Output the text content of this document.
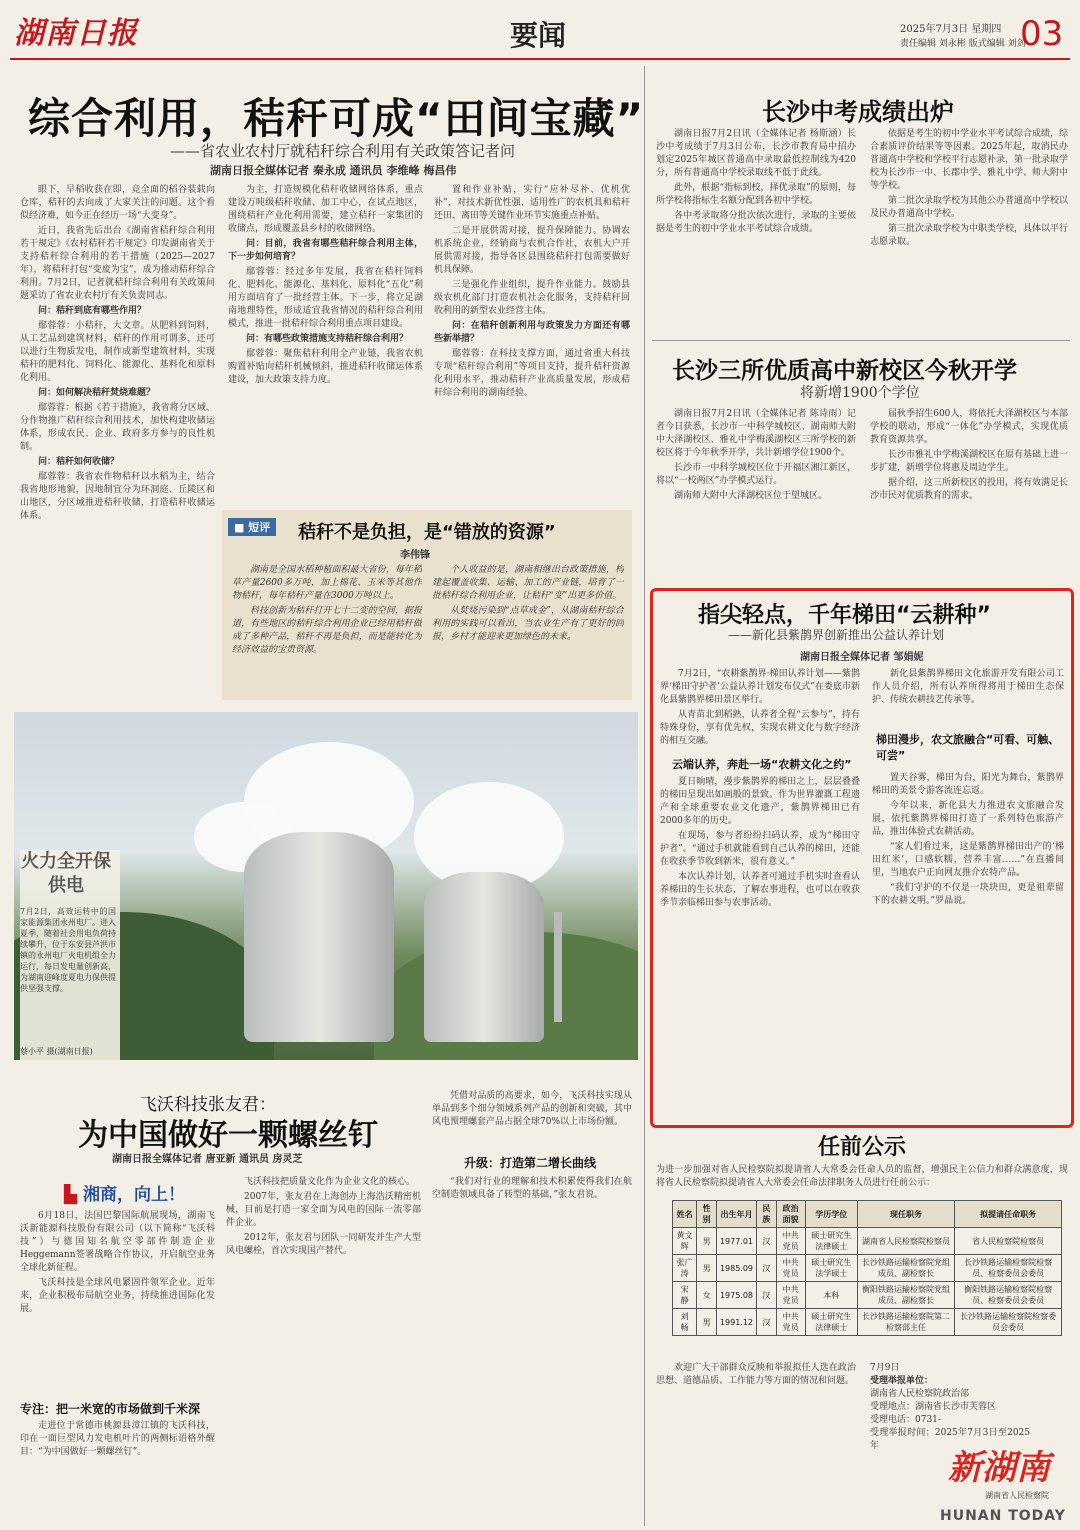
湖南日报	要闻	2025年7月3日 星期四
责任编辑 刘永彬 版式编辑 刘剑
03
综合利用，秸秆可成“田间宝藏”
——省农业农村厅就秸秆综合利用有关政策答记者问
湖南日报全媒体记者 秦永成 通讯员 李维峰 梅昌伟

眼下，早稻收获在即，竞全面的稻谷装载向仓库，秸秆的去向成了大家关注的问题。这个看似经济难，如今正在经历一场“大变身”。

近日，我省先后出台《湖南省秸秆综合利用若干规定》《农村秸秆若干规定》印发湖南省关于支持秸秆综合利用的若干措施（2025—2027年），将秸秆打包“变废为宝”，成为推动秸秆综合利用。7月2日，记者就秸秆综合利用有关政策问题采访了省农业农村厅有关负责同志。

问：秸秆到底有哪些作用？

鄢蓉蓉：小秸秆，大文章。从肥料到饲料，从工艺品到建筑材料，秸秆的作用可谓多，还可以进行生物质发电，制作成新型建筑材料，实现秸秆的肥料化、饲料化、能源化、基料化和原料化利用。

问：如何解决秸秆焚烧难题？

鄢蓉蓉：根据《若干措施》，我省将分区域、分作物推广秸秆综合利用技术，加快构建收储运体系，形成农民、企业、政府多方参与的良性机制。

问：秸秆如何收储？

鄢蓉蓉：我省农作物秸秆以水稻为主，结合我省地形地貌，因地制宜分为环洞庭、丘陵区和山地区，分区域推进秸秆收储，打造秸秆收储运体系。

为主，打造规模化秸秆收储网络体系，重点建设万吨级秸秆收储、加工中心，在试点地区，围绕秸秆产业化利用需要，建立秸秆一家集团的收储点，形成覆盖县乡村的收储网络。

问：目前，我省有哪些秸秆综合利用主体，下一步如何培育？

鄢蓉蓉：经过多年发展，我省在秸秆饲料化、肥料化、能源化、基料化、原料化“五化”利用方面培育了一批经营主体。下一步，将立足湖南地理特性，形成适宜我省情况的秸秆综合利用模式，推进一批秸秆综合利用重点项目建设。

问：有哪些政策措施支持秸秆综合利用？

鄢蓉蓉：聚焦秸秆利用全产业链，我省农机购置补贴向秸秆机械倾斜，推进秸秆收储运体系建设，加大政策支持力度。

置和作业补贴，实行“应补尽补、优机优补”，对技术新优性强、适用性广的农机具和秸秆还田、离田等关键作业环节实施重点补贴。

二是开展供需对接，提升保障能力。协调农机系统企业，经销商与农机合作社，农机大户开展供需对接，指导各区县围绕秸秆打包需要做好机具保障。

三是强化作业组织，提升作业能力。鼓励县级农机化部门打造农机社会化服务，支持秸秆回收利用的新型农业经营主体。

问：在秸秆创新利用与政策发力方面还有哪些新举措？

鄢蓉蓉：在科技支撑方面，通过省重大科技专项“秸秆综合利用”等项目支持，提升秸秆资源化利用水平，推动秸秆产业高质量发展，形成秸秆综合利用的湖南经验。

■ 短评	秸秆不是负担，是“错放的资源”
李伟锋

湖南是全国水稻种植面积最大省份，每年稻草产量2600多万吨，加上棉花、玉米等其他作物秸秆，每年秸秆产量在3000万吨以上。

科技创新为秸秆打开七十二变的空间，据报道，有些地区的秸秆综合利用企业已经用秸秆做成了多种产品，秸秆不再是负担，而是能转化为经济效益的宝贵资源。

个人收益的是，湖南相继出台政策措施，构建起覆盖收集、运输、加工的产业链，培育了一批秸秆综合利用企业，让秸秆“变”出更多价值。

从焚烧污染到“点草成金”，从湖南秸秆综合利用的实践可以看出，当农业生产有了更好的回报，乡村才能迎来更加绿色的未来。

火力全开保供电
7月2日，高效运转中的国家能源集团永州电厂。进入夏季，随着社会用电负荷持续攀升，位于东安县芦洪市镇的永州电厂火电机组全力运行，每日发电量创新高，为湖南迎峰度夏电力保供提供坚强支撑。
蔡小平 摄(湖南日报)
飞沃科技张友君：
为中国做好一颗螺丝钉
湖南日报全媒体记者 唐亚新 通讯员 房灵芝
▙ 湘商，向上！

6月18日，法国巴黎国际航展现场，湖南飞沃新能源科技股份有限公司（以下简称“飞沃科技”）与德国知名航空零部件制造企业Heggemann签署战略合作协议，开启航空业务全球化新征程。

飞沃科技是全球风电紧固件领军企业。近年来，企业积极布局航空业务，持续推进国际化发展。

专注：把一米宽的市场做到千米深

走进位于常德市桃源县漳江镇的飞沃科技，印在一面巨型风力发电机叶片的两侧标语格外醒目：“为中国做好一颗螺丝钉”。

飞沃科技把质量文化作为企业文化的核心。

2007年，张友君在上海创办上海浩沃精密机械，目前是打造一家全面为风电的国际一流零部件企业。

2012年，张友君与团队一同研发并生产大型风电螺栓，首次实现国产替代。

凭借对品质的高要求，如今，飞沃科技实现从单品到多个细分领域系列产品的创新和突破，其中风电预埋螺套产品占据全球70%以上市场份额。

升级：打造第二增长曲线

“我们对行业的理解和技术积累使得我们在航空制造领域具备了转型的基础，”张友君说。

长沙中考成绩出炉

湖南日报7月2日讯（全媒体记者 杨斯涵）长沙中考成绩于7月3日公布，长沙市教育局中招办划定2025年城区普通高中录取最低控制线为420分，所有普通高中学校录取线不低于此线。

此外，根据“指标到校，择优录取”的原则，每所学校将指标生名额分配到各初中学校。

各中考录取将分批次依次进行，录取的主要依据是考生的初中学业水平考试综合成绩。

依据是考生的初中学业水平考试综合成绩，综合素质评价结果等等因素。2025年起，取消民办普通高中学校和学校平行志愿补录，第一批录取学校为长沙市一中、长郡中学、雅礼中学、师大附中等学校。

第二批次录取学校为其他公办普通高中学校以及民办普通高中学校。

第三批次录取学校为中职类学校，具体以平行志愿录取。

长沙三所优质高中新校区今秋开学
将新增1900个学位

湖南日报7月2日讯（全媒体记者 陈诗雨）记者今日获悉，长沙市一中科学城校区、湖南师大附中大泽湖校区、雅礼中学梅溪湖校区三所学校的新校区将于今年秋季开学，共计新增学位1900个。

长沙市一中科学城校区位于开福区湘江新区，将以“一校两区”办学模式运行。

湖南师大附中大泽湖校区位于望城区。

届秋季招生600人，将依托大泽湖校区与本部学校的联动，形成“一体化”办学模式，实现优质教育资源共享。

长沙市雅礼中学梅溪湖校区在原有基础上进一步扩建，新增学位将惠及周边学生。

据介绍，这三所新校区的投用，将有效满足长沙市民对优质教育的需求。

指尖轻点，千年梯田“云耕种”
——新化县紫鹊界创新推出公益认养计划
湖南日报全媒体记者 邹娟妮

7月2日，“农耕紫鹊界·梯田认养计划——紫鹊界‘梯田守护者’公益认养计划发布仪式”在娄底市新化县紫鹊界梯田景区举行。

从青苗北到稻熟，认养者全程“云参与”，持有特殊身份，享有优先权，实现农耕文化与数字经济的相互交融。

云端认养，奔赴一场“农耕文化之约”

夏日晌晴，漫步紫鹊界的梯田之上，层层叠叠的梯田呈现出如画般的景致。作为世界灌溉工程遗产和全球重要农业文化遗产，紫鹊界梯田已有2000多年的历史。

在现场，参与者纷纷扫码认养，成为“梯田守护者”。“通过手机就能看到自己认养的梯田，还能在收获季节收到新米，很有意义。”

本次认养计划，认养者可通过手机实时查看认养梯田的生长状态，了解农事进程，也可以在收获季节亲临梯田参与农事活动。

新化县紫鹊界梯田文化旅游开发有限公司工作人员介绍，所有认养所得将用于梯田生态保护、传统农耕技艺传承等。

梯田漫步，农文旅融合“可看、可触、可尝”

置天谷雾，梯田为台，阳光为舞台，紫鹊界梯田的美景令游客流连忘返。

今年以来，新化县大力推进农文旅融合发展，依托紫鹊界梯田打造了一系列特色旅游产品，推出体验式农耕活动。

“家人们看过来，这是紫鹊界梯田出产的‘梯田红米’，口感软糯，营养丰富……”在直播间里，当地农户正向网友推介农特产品。

“我们守护的不仅是一块块田，更是祖辈留下的农耕文明。”罗晶说。

任前公示
为进一步加强对省人民检察院拟提请省人大常委会任命人员的监督，增强民主公信力和群众满意度，现将省人民检察院拟提请省人大常委会任命法律职务人员进行任前公示：
姓名	性别	出生年月	民族	政治面貌	学历学位	现任职务	拟提请任命职务
黄文辉	男	1977.01	汉	中共党员	硕士研究生法律硕士	湖南省人民检察院检察员	省人民检察院检察员
张广涛	男	1985.09	汉	中共党员	硕士研究生法学硕士	长沙铁路运输检察院党组成员、副检察长	长沙铁路运输检察院检察员、检察委员会委员
宋 静	女	1975.08	汉	中共党员	本科	衡阳铁路运输检察院党组成员、副检察长	衡阳铁路运输检察院检察员、检察委员会委员
刘 畅	男	1991.12	汉	中共党员	硕士研究生法律硕士	长沙铁路运输检察院第二检察部主任	长沙铁路运输检察院检察委员会委员

欢迎广大干部群众反映和举报拟任人选在政治思想、道德品质、工作能力等方面的情况和问题。

7月9日
受理举报单位：
湖南省人民检察院政治部
受理地点：湖南省长沙市芙蓉区
受理电话：0731-
受理举报时间：2025年7月3日至2025年
新湖南
湖南省人民检察院
HUNAN TODAY
